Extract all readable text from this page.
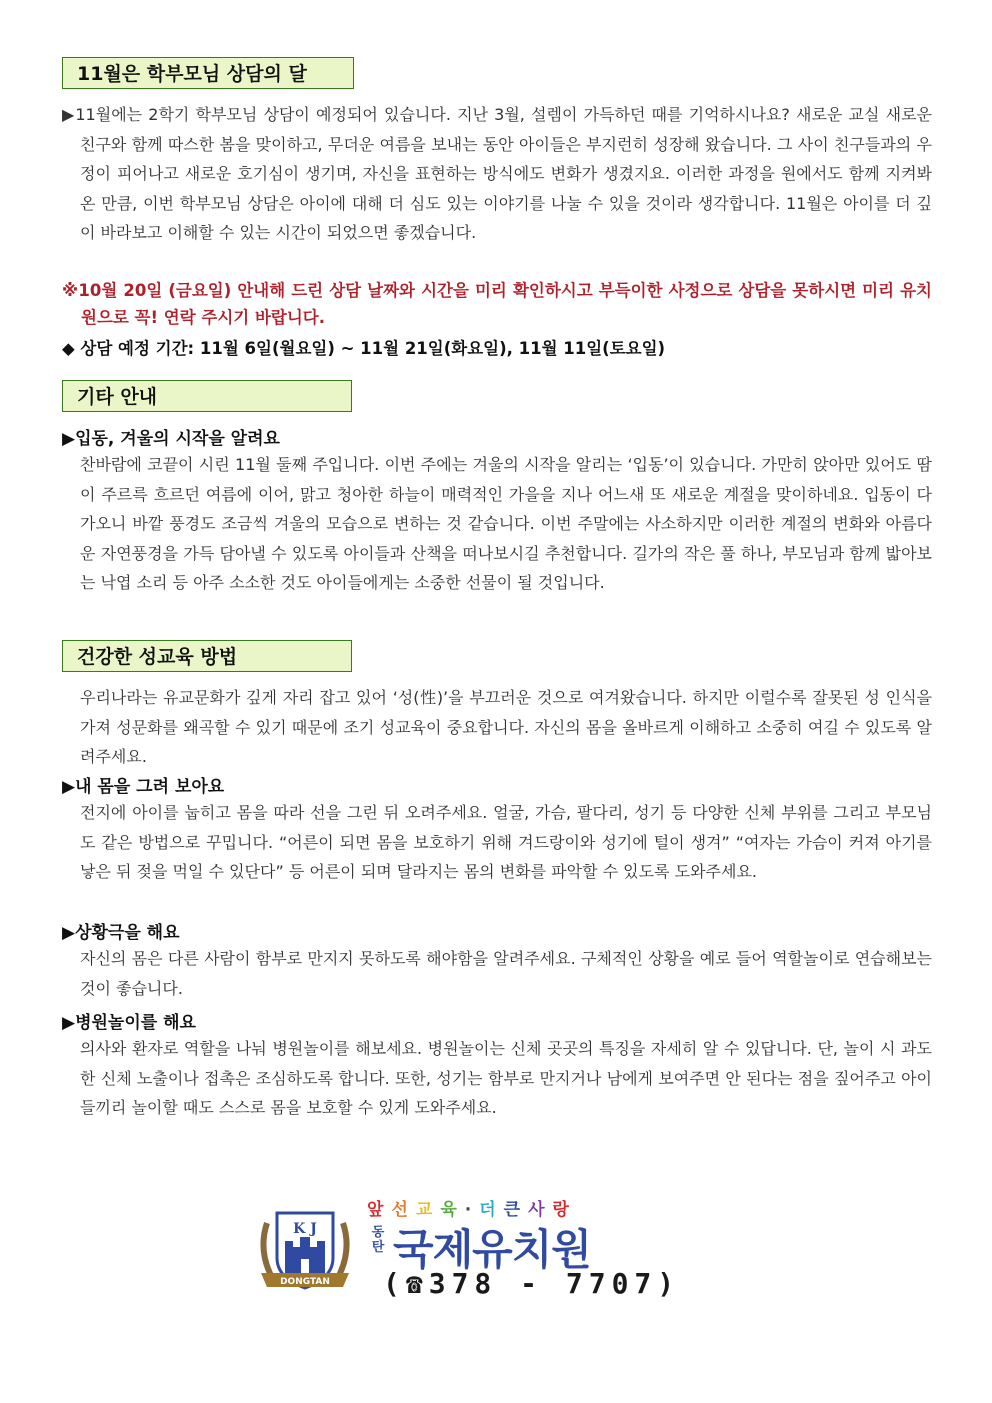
11월은 학부모님 상담의 달

▶11월에는 2학기 학부모님 상담이 예정되어 있습니다. 지난 3월, 설렘이 가득하던 때를 기억하시나요? 새로운 교실 새로운 친구와 함께 따스한 봄을 맞이하고, 무더운 여름을 보내는 동안 아이들은 부지런히 성장해 왔습니다. 그 사이 친구들과의 우정이 피어나고 새로운 호기심이 생기며, 자신을 표현하는 방식에도 변화가 생겼지요. 이러한 과정을 원에서도 함께 지켜봐 온 만큼, 이번 학부모님 상담은 아이에 대해 더 심도 있는 이야기를 나눌 수 있을 것이라 생각합니다. 11월은 아이를 더 깊이 바라보고 이해할 수 있는 시간이 되었으면 좋겠습니다.

※10월 20일 (금요일) 안내해 드린 상담 날짜와 시간을 미리 확인하시고 부득이한 사정으로 상담을 못하시면 미리 유치원으로 꼭! 연락 주시기 바랍니다.

◆ 상담 예정 기간: 11월 6일(월요일) ~ 11월 21일(화요일), 11월 11일(토요일)
기타 안내
▶입동, 겨울의 시작을 알려요

찬바람에 코끝이 시린 11월 둘째 주입니다. 이번 주에는 겨울의 시작을 알리는 ‘입동’이 있습니다. 가만히 앉아만 있어도 땀이 주르륵 흐르던 여름에 이어, 맑고 청아한 하늘이 매력적인 가을을 지나 어느새 또 새로운 계절을 맞이하네요. 입동이 다가오니 바깥 풍경도 조금씩 겨울의 모습으로 변하는 것 같습니다. 이번 주말에는 사소하지만 이러한 계절의 변화와 아름다운 자연풍경을 가득 담아낼 수 있도록 아이들과 산책을 떠나보시길 추천합니다. 길가의 작은 풀 하나, 부모님과 함께 밟아보는 낙엽 소리 등 아주 소소한 것도 아이들에게는 소중한 선물이 될 것입니다.

건강한 성교육 방법

우리나라는 유교문화가 깊게 자리 잡고 있어 ‘성(性)’을 부끄러운 것으로 여겨왔습니다. 하지만 이럴수록 잘못된 성 인식을 가져 성문화를 왜곡할 수 있기 때문에 조기 성교육이 중요합니다. 자신의 몸을 올바르게 이해하고 소중히 여길 수 있도록 알려주세요.

▶내 몸을 그려 보아요

전지에 아이를 눕히고 몸을 따라 선을 그린 뒤 오려주세요. 얼굴, 가슴, 팔다리, 성기 등 다양한 신체 부위를 그리고 부모님도 같은 방법으로 꾸밉니다. “어른이 되면 몸을 보호하기 위해 겨드랑이와 성기에 털이 생겨” “여자는 가슴이 커져 아기를 낳은 뒤 젖을 먹일 수 있단다” 등 어른이 되며 달라지는 몸의 변화를 파악할 수 있도록 도와주세요.

▶상황극을 해요

자신의 몸은 다른 사람이 함부로 만지지 못하도록 해야함을 알려주세요. 구체적인 상황을 예로 들어 역할놀이로 연습해보는 것이 좋습니다.

▶병원놀이를 해요

의사와 환자로 역할을 나눠 병원놀이를 해보세요. 병원놀이는 신체 곳곳의 특징을 자세히 알 수 있답니다. 단, 놀이 시 과도한 신체 노출이나 접촉은 조심하도록 합니다. 또한, 성기는 함부로 만지거나 남에게 보여주면 안 된다는 점을 짚어주고 아이들끼리 놀이할 때도 스스로 몸을 보호할 수 있게 도와주세요.

DONGTAN
K J
앞선교육·더큰사랑
동
탄 국제유치원
(☎378 - 7707)
